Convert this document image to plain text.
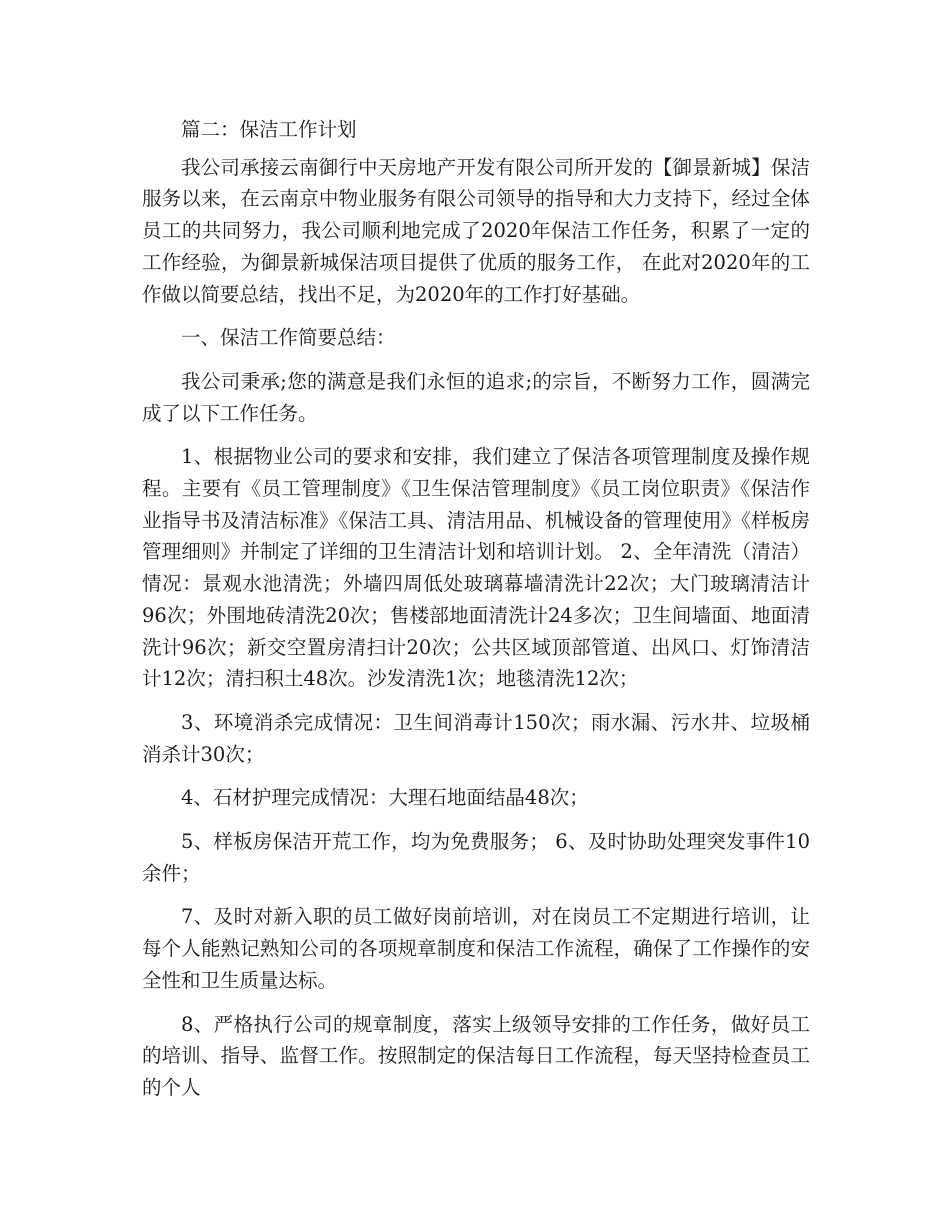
篇二：保洁工作计划

我公司承接云南御行中天房地产开发有限公司所开发的【御景新城】保洁服务以来，在云南京中物业服务有限公司领导的指导和大力支持下，经过全体员工的共同努力，我公司顺利地完成了2020年保洁工作任务，积累了一定的工作经验，为御景新城保洁项目提供了优质的服务工作， 在此对2020年的工作做以简要总结，找出不足，为2020年的工作打好基础。

一、保洁工作简要总结：

我公司秉承;您的满意是我们永恒的追求;的宗旨，不断努力工作，圆满完成了以下工作任务。

1、根据物业公司的要求和安排，我们建立了保洁各项管理制度及操作规程。主要有《员工管理制度》《卫生保洁管理制度》《员工岗位职责》《保洁作业指导书及清洁标准》《保洁工具、清洁用品、机械设备的管理使用》《样板房管理细则》并制定了详细的卫生清洁计划和培训计划。 2、全年清洗（清洁）情况：景观水池清洗；外墙四周低处玻璃幕墙清洗计22次；大门玻璃清洁计96次；外围地砖清洗20次；售楼部地面清洗计24多次；卫生间墙面、地面清洗计96次；新交空置房清扫计20次；公共区域顶部管道、出风口、灯饰清洁计12次；清扫积土48次。沙发清洗1次；地毯清洗12次；

3、环境消杀完成情况：卫生间消毒计150次；雨水漏、污水井、垃圾桶消杀计30次；

4、石材护理完成情况：大理石地面结晶48次；

5、样板房保洁开荒工作，均为免费服务； 6、及时协助处理突发事件10余件；

7、及时对新入职的员工做好岗前培训，对在岗员工不定期进行培训，让每个人能熟记熟知公司的各项规章制度和保洁工作流程，确保了工作操作的安全性和卫生质量达标。

8、严格执行公司的规章制度，落实上级领导安排的工作任务，做好员工的培训、指导、监督工作。按照制定的保洁每日工作流程，每天坚持检查员工的个人
